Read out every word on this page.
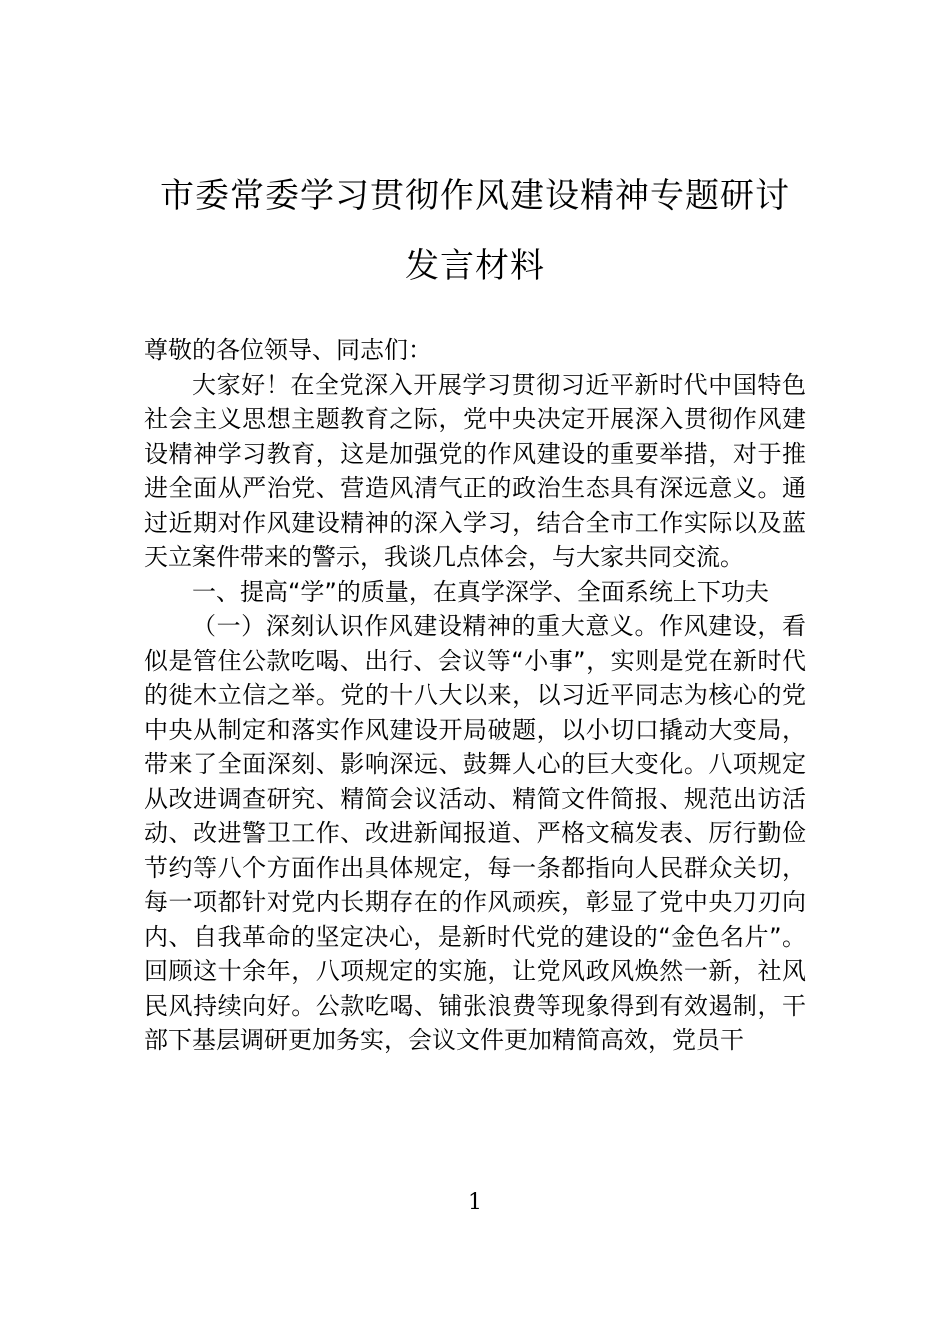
市委常委学习贯彻作风建设精神专题研讨
发言材料

尊敬的各位领导、同志们：

大家好！在全党深入开展学习贯彻习近平新时代中国特色社会主义思想主题教育之际，党中央决定开展深入贯彻作风建设精神学习教育，这是加强党的作风建设的重要举措，对于推进全面从严治党、营造风清气正的政治生态具有深远意义。通过近期对作风建设精神的深入学习，结合全市工作实际以及蓝天立案件带来的警示，我谈几点体会，与大家共同交流。

一、提高“学”的质量，在真学深学、全面系统上下功夫

（一）深刻认识作风建设精神的重大意义。作风建设，看似是管住公款吃喝、出行、会议等“小事”，实则是党在新时代的徙木立信之举。党的十八大以来，以习近平同志为核心的党中央从制定和落实作风建设开局破题，以小切口撬动大变局，带来了全面深刻、影响深远、鼓舞人心的巨大变化。八项规定从改进调查研究、精简会议活动、精简文件简报、规范出访活动、改进警卫工作、改进新闻报道、严格文稿发表、厉行勤俭节约等八个方面作出具体规定，每一条都指向人民群众关切，每一项都针对党内长期存在的作风顽疾，彰显了党中央刀刃向内、自我革命的坚定决心，是新时代党的建设的“金色名片”。回顾这十余年，八项规定的实施，让党风政风焕然一新，社风民风持续向好。公款吃喝、铺张浪费等现象得到有效遏制，干部下基层调研更加务实，会议文件更加精简高效，党员干

1
